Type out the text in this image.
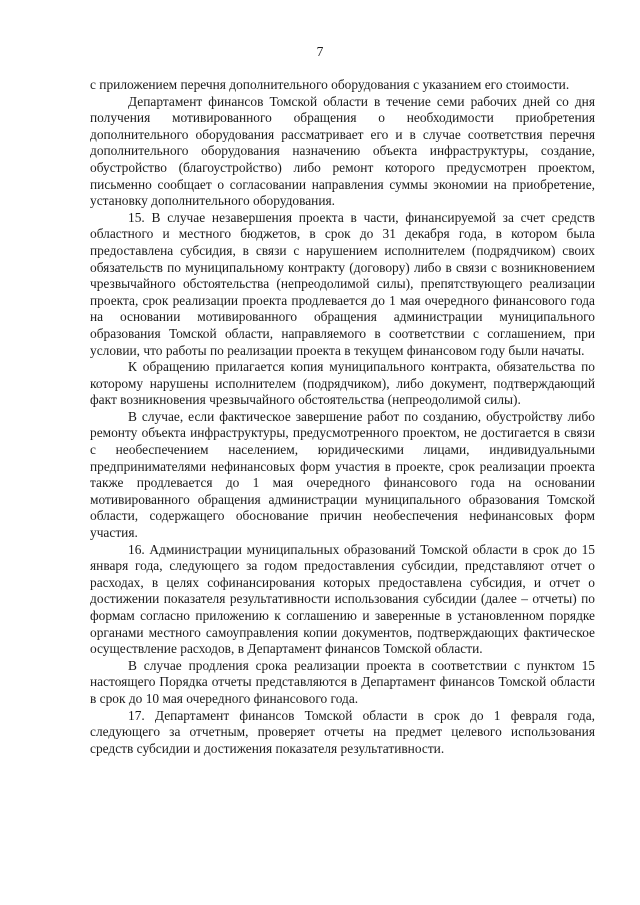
7

с приложением перечня дополнительного оборудования с указанием его стоимости.

Департамент финансов Томской области в течение семи рабочих дней со дня получения мотивированного обращения о необходимости приобретения дополнительного оборудования рассматривает его и в случае соответствия перечня дополнительного оборудования назначению объекта инфраструктуры, создание, обустройство (благоустройство) либо ремонт которого предусмотрен проектом, письменно сообщает о согласовании направления суммы экономии на приобретение, установку дополнительного оборудования.

15. В случае незавершения проекта в части, финансируемой за счет средств областного и местного бюджетов, в срок до 31 декабря года, в котором была предоставлена субсидия, в связи с нарушением исполнителем (подрядчиком) своих обязательств по муниципальному контракту (договору) либо в связи с возникновением чрезвычайного обстоятельства (непреодолимой силы), препятствующего реализации проекта, срок реализации проекта продлевается до 1 мая очередного финансового года на основании мотивированного обращения администрации муниципального образования Томской области, направляемого в соответствии с соглашением, при условии, что работы по реализации проекта в текущем финансовом году были начаты.

К обращению прилагается копия муниципального контракта, обязательства по которому нарушены исполнителем (подрядчиком), либо документ, подтверждающий факт возникновения чрезвычайного обстоятельства (непреодолимой силы).

В случае, если фактическое завершение работ по созданию, обустройству либо ремонту объекта инфраструктуры, предусмотренного проектом, не достигается в связи с необеспечением населением, юридическими лицами, индивидуальными предпринимателями нефинансовых форм участия в проекте, срок реализации проекта также продлевается до 1 мая очередного финансового года на основании мотивированного обращения администрации муниципального образования Томской области, содержащего обоснование причин необеспечения нефинансовых форм участия.

16. Администрации муниципальных образований Томской области в срок до 15 января года, следующего за годом предоставления субсидии, представляют отчет о расходах, в целях софинансирования которых предоставлена субсидия, и отчет о достижении показателя результативности использования субсидии (далее – отчеты) по формам согласно приложению к соглашению и заверенные в установленном порядке органами местного самоуправления копии документов, подтверждающих фактическое осуществление расходов, в Департамент финансов Томской области.

В случае продления срока реализации проекта в соответствии с пунктом 15 настоящего Порядка отчеты представляются в Департамент финансов Томской области в срок до 10 мая очередного финансового года.

17. Департамент финансов Томской области в срок до 1 февраля года, следующего за отчетным, проверяет отчеты на предмет целевого использования средств субсидии и достижения показателя результативности.
